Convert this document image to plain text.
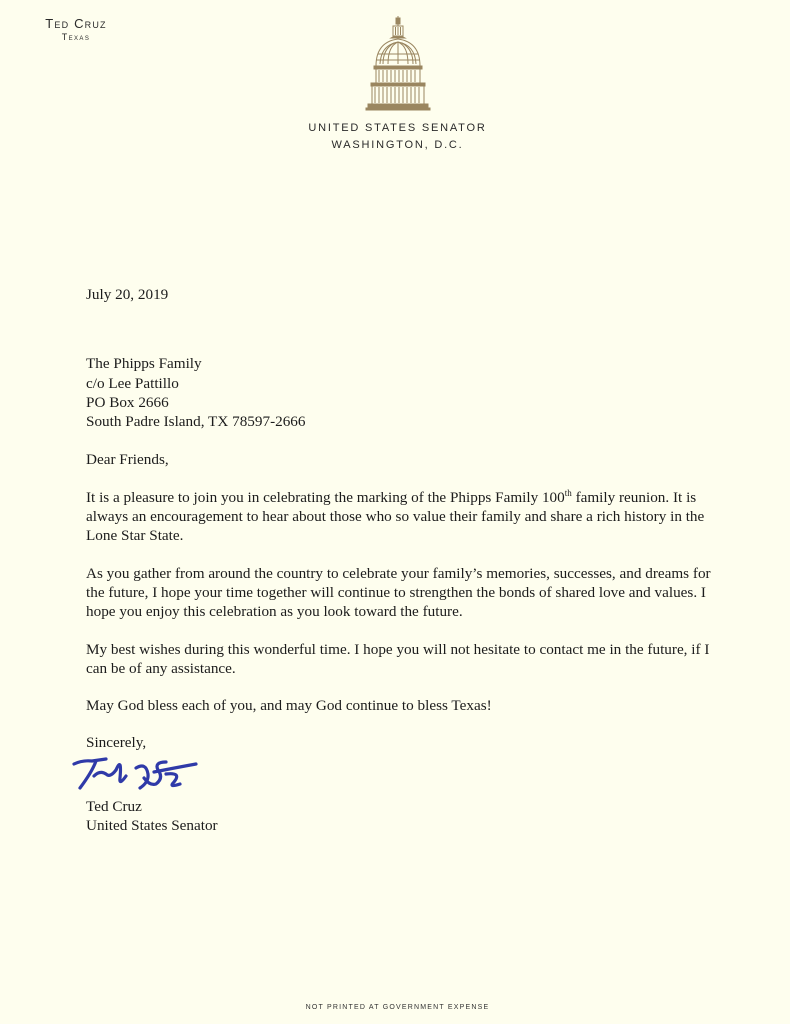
Ted Cruz
Texas
UNITED STATES SENATOR
WASHINGTON, D.C.

July 20, 2019

The Phipps Family
c/o Lee Pattillo
PO Box 2666
South Padre Island, TX 78597-2666

Dear Friends,

It is a pleasure to join you in celebrating the marking of the Phipps Family 100th family reunion. It is always an encouragement to hear about those who so value their family and share a rich history in the Lone Star State.

As you gather from around the country to celebrate your family’s memories, successes, and dreams for the future, I hope your time together will continue to strengthen the bonds of shared love and values. I hope you enjoy this celebration as you look toward the future.

My best wishes during this wonderful time. I hope you will not hesitate to contact me in the future, if I can be of any assistance.

May God bless each of you, and may God continue to bless Texas!

Sincerely,

Ted Cruz
United States Senator
NOT PRINTED AT GOVERNMENT EXPENSE
